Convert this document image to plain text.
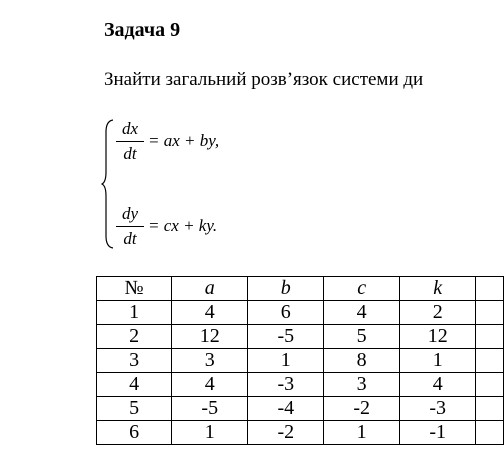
Задача 9
Знайти загальний розв’язок системи ди
dx
dt
= ax + by,
dy
dt
= cx + ky.
№	a	b	c	k	
1	4	6	4	2	
2	12	-5	5	12	
3	3	1	8	1	
4	4	-3	3	4	
5	-5	-4	-2	-3	
6	1	-2	1	-1	
